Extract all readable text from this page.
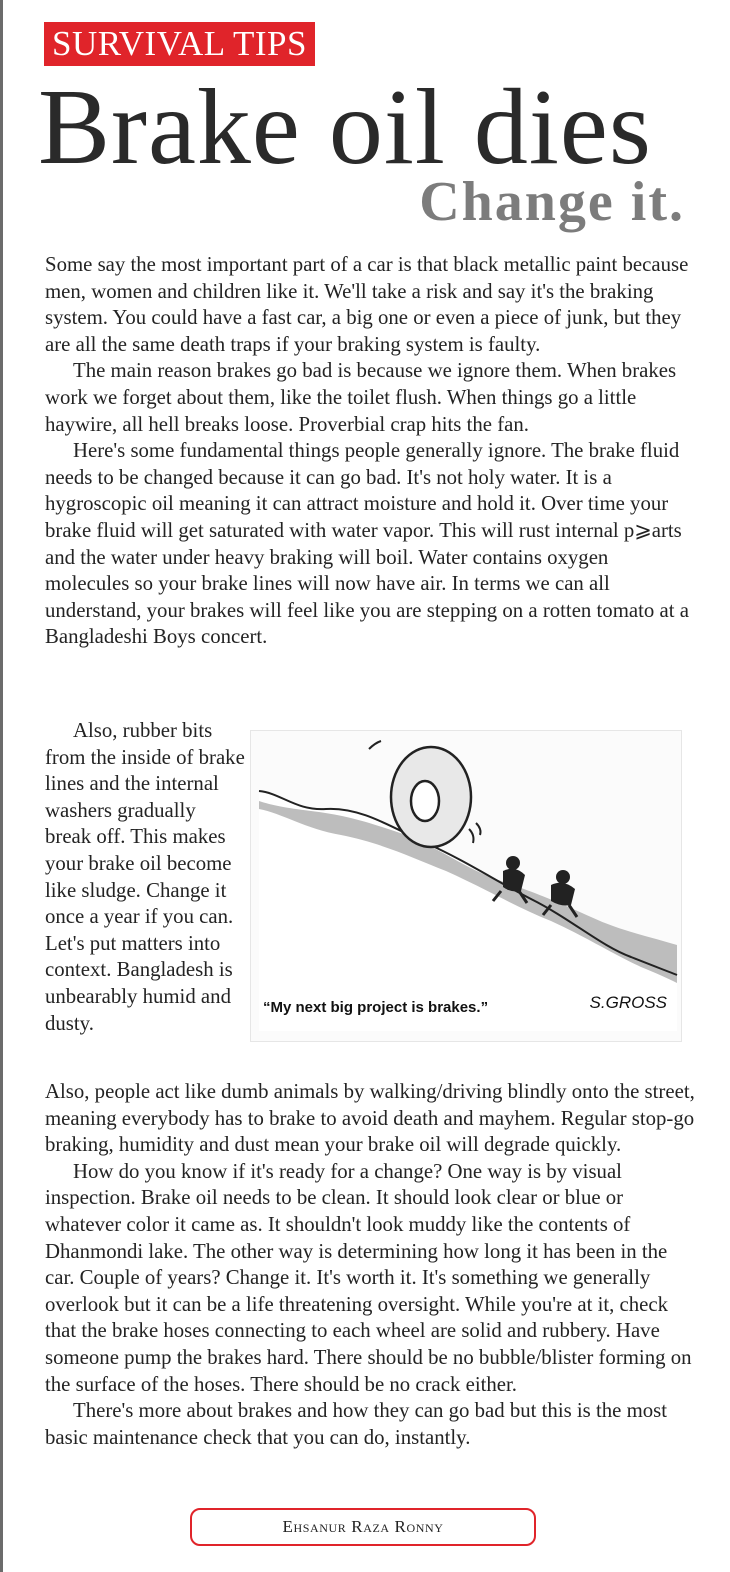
SURVIVAL TIPS
Brake oil dies
Change it.

Some say the most important part of a car is that black metallic paint because men, women and children like it. We'll take a risk and say it's the braking system. You could have a fast car, a big one or even a piece of junk, but they are all the same death traps if your braking system is faulty.

The main reason brakes go bad is because we ignore them. When brakes work we forget about them, like the toilet flush. When things go a little haywire, all hell breaks loose. Proverbial crap hits the fan.

Here's some fundamental things people generally ignore. The brake fluid needs to be changed because it can go bad. It's not holy water. It is a hygroscopic oil meaning it can attract moisture and hold it. Over time your brake fluid will get saturated with water vapor. This will rust internal p⩾arts and the water under heavy braking will boil. Water contains oxygen molecules so your brake lines will now have air. In terms we can all understand, your brakes will feel like you are stepping on a rotten tomato at a Bangladeshi Boys concert.

Also, rubber bits from the inside of brake lines and the internal washers gradually break off. This makes your brake oil become like sludge. Change it once a year if you can. Let's put matters into context. Bangladesh is unbearably humid and dusty.

“My next big project is brakes.”	S.GROSS

Also, people act like dumb animals by walking/driving blindly onto the street, meaning everybody has to brake to avoid death and mayhem. Regular stop-go braking, humidity and dust mean your brake oil will degrade quickly.

How do you know if it's ready for a change? One way is by visual inspection. Brake oil needs to be clean. It should look clear or blue or whatever color it came as. It shouldn't look muddy like the contents of Dhanmondi lake. The other way is determining how long it has been in the car. Couple of years? Change it. It's worth it. It's something we generally overlook but it can be a life threatening oversight. While you're at it, check that the brake hoses connecting to each wheel are solid and rubbery. Have someone pump the brakes hard. There should be no bubble/blister forming on the surface of the hoses. There should be no crack either.

There's more about brakes and how they can go bad but this is the most basic maintenance check that you can do, instantly.

Ehsanur Raza Ronny
